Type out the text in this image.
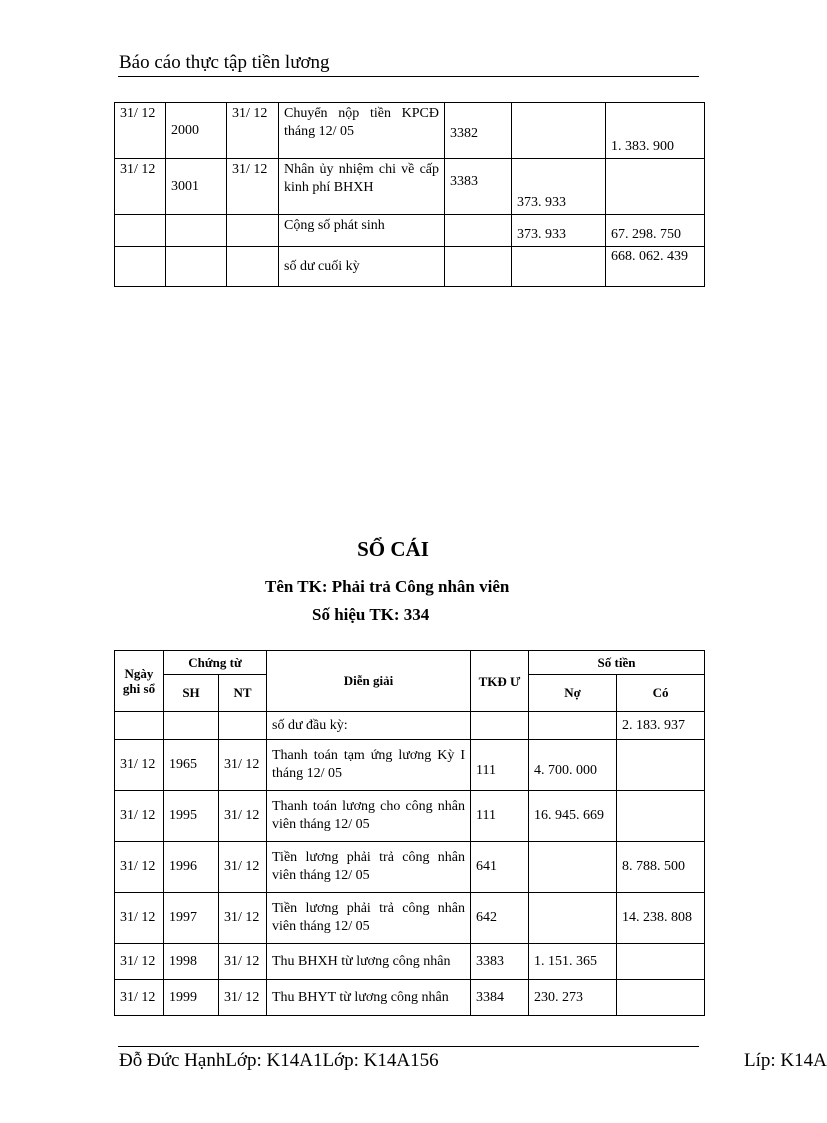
Báo cáo thực tập tiền lương
31/ 12	2000	31/ 12	Chuyển nộp tiền KPCĐ tháng 12/ 05	3382		1. 383. 900
31/ 12	3001	31/ 12	Nhân ủy nhiệm chi về cấp kinh phí BHXH	3383	373. 933	
			Cộng số phát sinh		373. 933	67. 298. 750
			số dư cuối kỳ			668. 062. 439
SỔ CÁI
Tên TK: Phải trả Công nhân viên
Số hiệu TK: 334
Ngày ghi sổ	Chứng từ		Diễn giải	TKĐ Ư	Số tiền	
	SH	NT			Nợ	Có
			số dư đầu kỳ:			2. 183. 937
31/ 12	1965	31/ 12	Thanh toán tạm ứng lương Kỳ I tháng 12/ 05	111	4. 700. 000	
31/ 12	1995	31/ 12	Thanh toán lương cho công nhân viên tháng 12/ 05	111	16. 945. 669	
31/ 12	1996	31/ 12	Tiền lương phải trả công nhân viên tháng 12/ 05	641		8. 788. 500
31/ 12	1997	31/ 12	Tiền lương phải trả công nhân viên tháng 12/ 05	642		14. 238. 808
31/ 12	1998	31/ 12	Thu BHXH từ lương công nhân	3383	1. 151. 365	
31/ 12	1999	31/ 12	Thu BHYT từ lương công nhân	3384	230. 273	
Đỗ Đức HạnhLớp: K14A1Lớp: K14A156	Líp: K14A
